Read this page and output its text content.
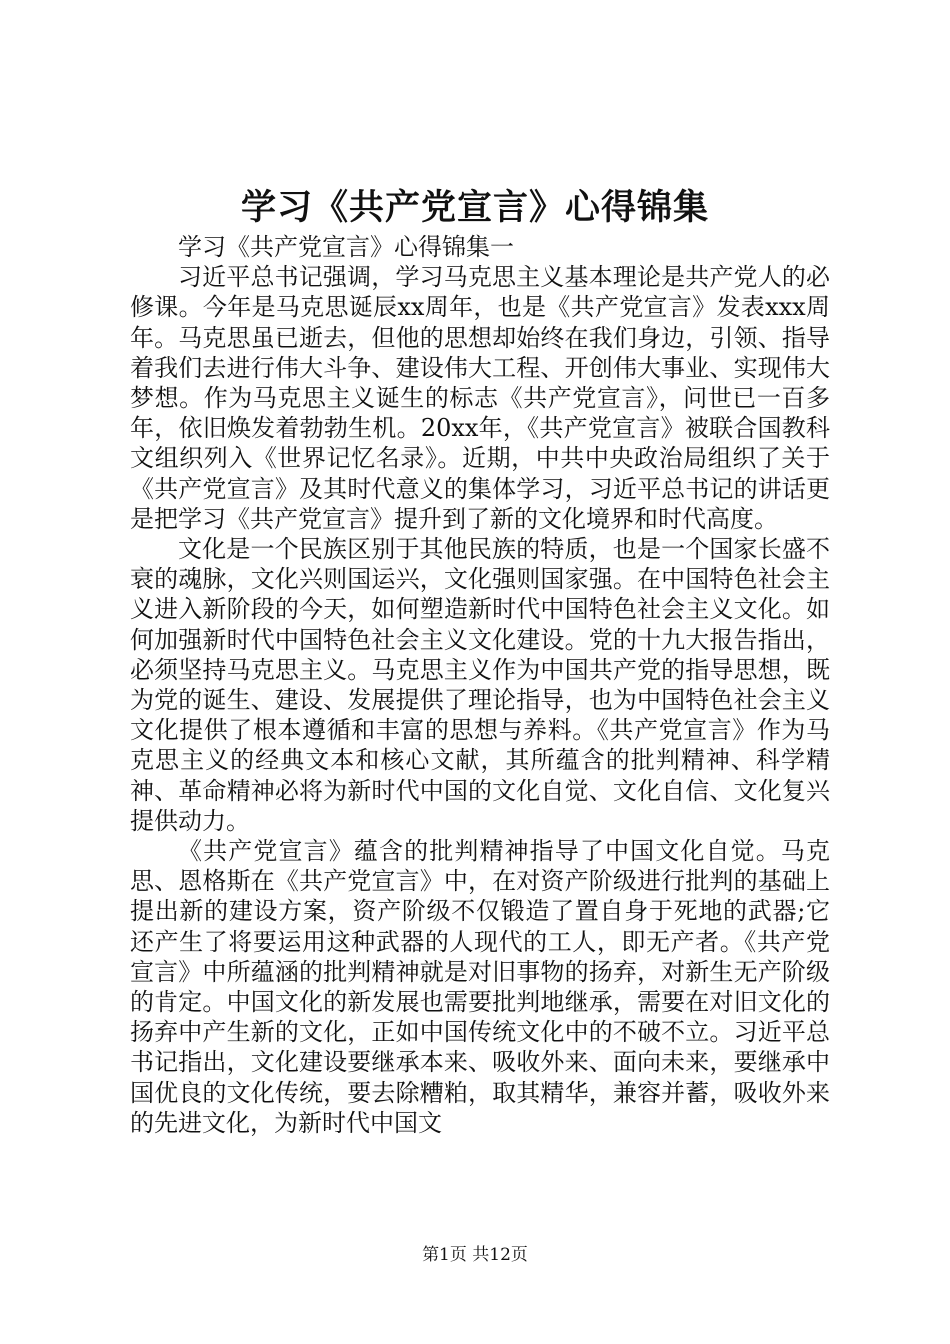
学习《共产党宣言》心得锦集

学习《共产党宣言》心得锦集一

习近平总书记强调，学习马克思主义基本理论是共产党人的必修课。今年是马克思诞辰xx周年，也是《共产党宣言》发表xxx周年。马克思虽已逝去，但他的思想却始终在我们身边，引领、指导着我们去进行伟大斗争、建设伟大工程、开创伟大事业、实现伟大梦想。作为马克思主义诞生的标志《共产党宣言》，问世已一百多年，依旧焕发着勃勃生机。20xx年，《共产党宣言》被联合国教科文组织列入《世界记忆名录》。近期，中共中央政治局组织了关于《共产党宣言》及其时代意义的集体学习，习近平总书记的讲话更是把学习《共产党宣言》提升到了新的文化境界和时代高度。

文化是一个民族区别于其他民族的特质，也是一个国家长盛不衰的魂脉，文化兴则国运兴，文化强则国家强。在中国特色社会主义进入新阶段的今天，如何塑造新时代中国特色社会主义文化。如何加强新时代中国特色社会主义文化建设。党的十九大报告指出，必须坚持马克思主义。马克思主义作为中国共产党的指导思想，既为党的诞生、建设、发展提供了理论指导，也为中国特色社会主义文化提供了根本遵循和丰富的思想与养料。《共产党宣言》作为马克思主义的经典文本和核心文献，其所蕴含的批判精神、科学精神、革命精神必将为新时代中国的文化自觉、文化自信、文化复兴提供动力。

《共产党宣言》蕴含的批判精神指导了中国文化自觉。马克思、恩格斯在《共产党宣言》中，在对资产阶级进行批判的基础上提出新的建设方案，资产阶级不仅锻造了置自身于死地的武器;它还产生了将要运用这种武器的人现代的工人，即无产者。《共产党宣言》中所蕴涵的批判精神就是对旧事物的扬弃，对新生无产阶级的肯定。中国文化的新发展也需要批判地继承，需要在对旧文化的扬弃中产生新的文化，正如中国传统文化中的不破不立。习近平总书记指出，文化建设要继承本来、吸收外来、面向未来，要继承中国优良的文化传统，要去除糟粕，取其精华，兼容并蓄，吸收外来的先进文化，为新时代中国文

第1页 共12页
